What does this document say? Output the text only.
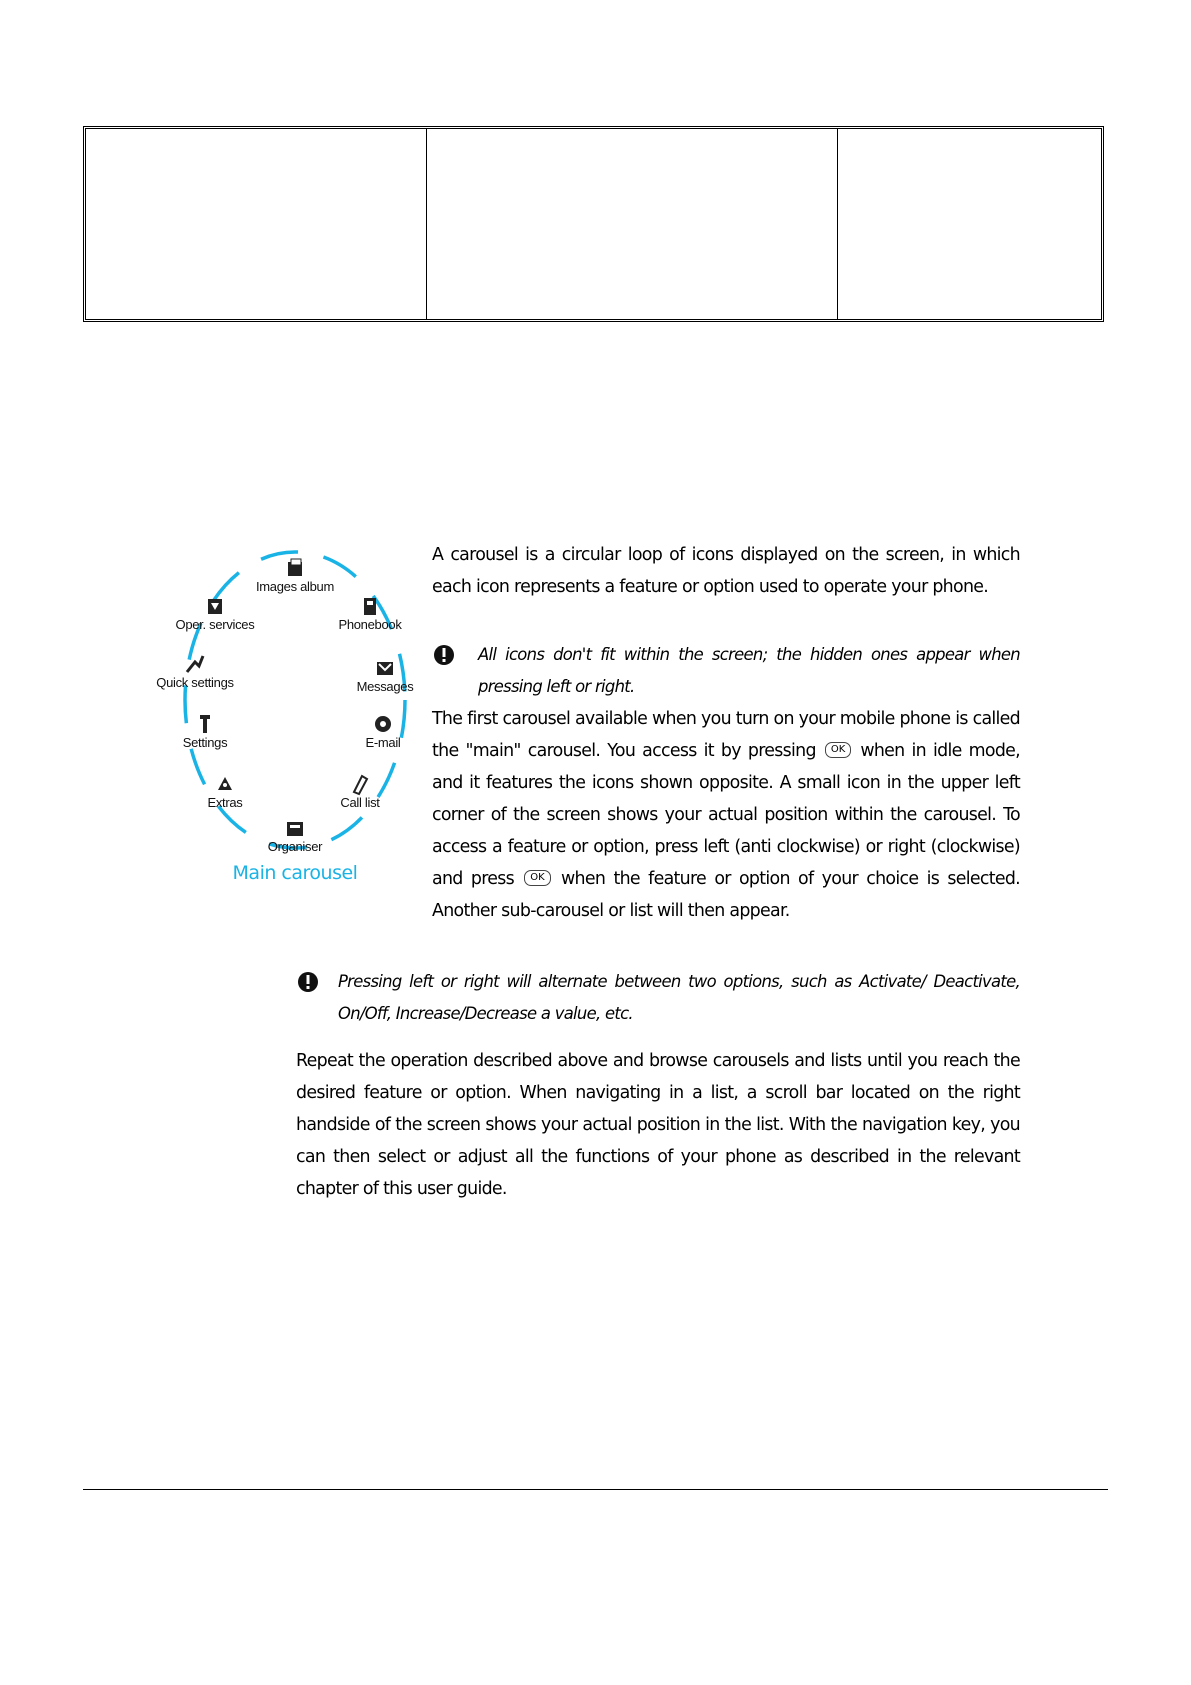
Images album
Phonebook
Messages
E-mail
Call list
Organiser
Extras
Settings
Quick settings
Oper. services
Main carousel

A carousel is a circular loop of icons displayed on the screen, in which each icon represents a feature or option used to operate your phone.

All icons don't fit within the screen; the hidden ones appear when pressing left or right.

The first carousel available when you turn on your mobile phone is called the "main" carousel. You access it by pressing OK when in idle mode, and it features the icons shown opposite. A small icon in the upper left corner of the screen shows your actual position within the carousel. To access a feature or option, press left (anti clockwise) or right (clockwise) and press OK when the feature or option of your choice is selected. Another sub-carousel or list will then appear.

Pressing left or right will alternate between two options, such as Activate/ Deactivate, On/Off, Increase/Decrease a value, etc.

Repeat the operation described above and browse carousels and lists until you reach the desired feature or option. When navigating in a list, a scroll bar located on the right handside of the screen shows your actual position in the list. With the navigation key, you can then select or adjust all the functions of your phone as described in the relevant chapter of this user guide.
